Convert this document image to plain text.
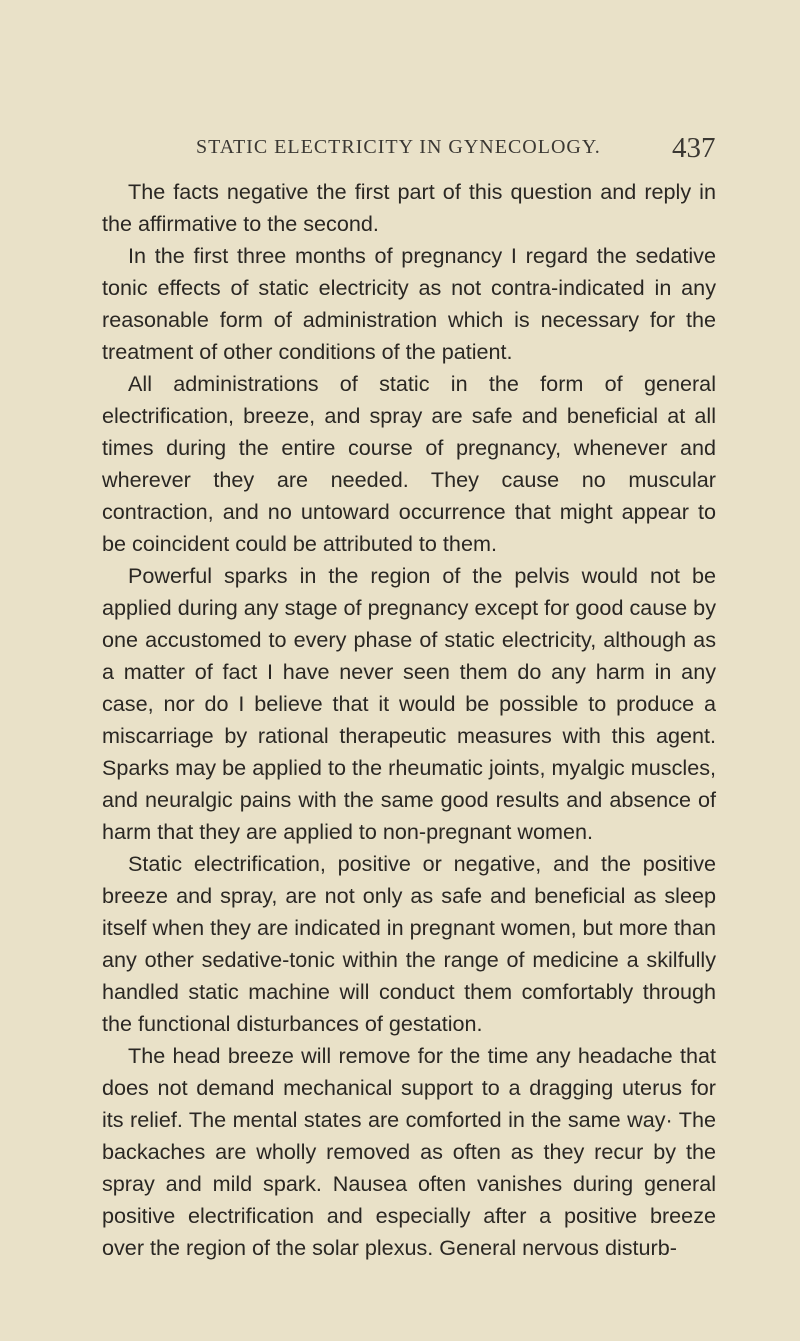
STATIC ELECTRICITY IN GYNECOLOGY. 437

The facts negative the first part of this question and reply in the affirmative to the second.

In the first three months of pregnancy I regard the sedative tonic effects of static electricity as not contra-indicated in any reasonable form of administration which is necessary for the treatment of other conditions of the patient.

All administrations of static in the form of general electrification, breeze, and spray are safe and beneficial at all times during the entire course of pregnancy, whenever and wherever they are needed. They cause no muscular contraction, and no untoward occurrence that might appear to be coincident could be attributed to them.

Powerful sparks in the region of the pelvis would not be applied during any stage of pregnancy except for good cause by one accustomed to every phase of static electricity, although as a matter of fact I have never seen them do any harm in any case, nor do I believe that it would be possible to produce a miscarriage by rational therapeutic measures with this agent. Sparks may be applied to the rheumatic joints, myalgic muscles, and neuralgic pains with the same good results and absence of harm that they are applied to non-pregnant women.

Static electrification, positive or negative, and the positive breeze and spray, are not only as safe and beneficial as sleep itself when they are indicated in pregnant women, but more than any other sedative-tonic within the range of medicine a skilfully handled static machine will conduct them comfortably through the functional disturbances of gestation.

The head breeze will remove for the time any headache that does not demand mechanical support to a dragging uterus for its relief. The mental states are comforted in the same way· The backaches are wholly removed as often as they recur by the spray and mild spark. Nausea often vanishes during general positive electrification and especially after a positive breeze over the region of the solar plexus. General nervous disturb-
